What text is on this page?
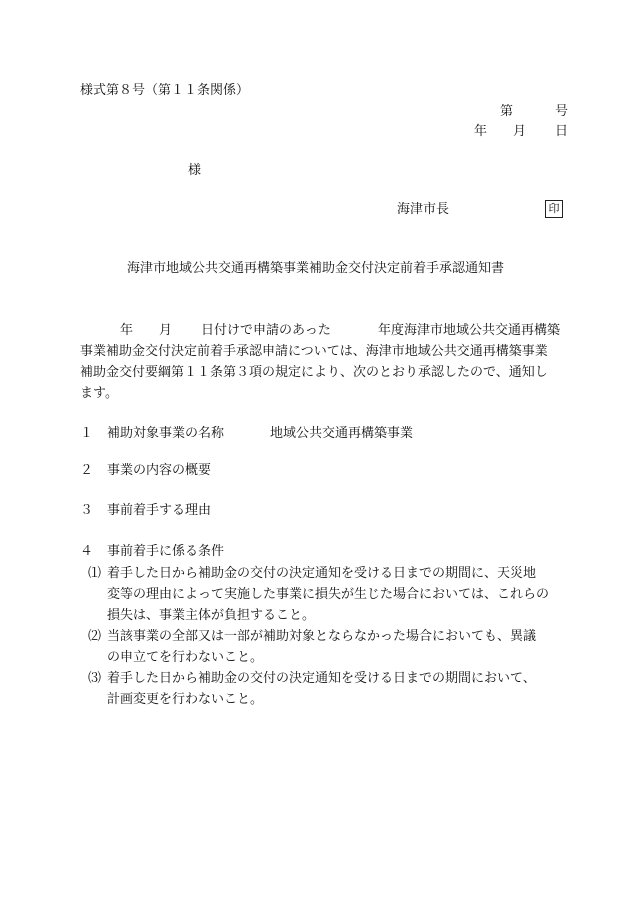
様式第８号（第１１条関係）
第	号
年 月 日
様
海津市長	印
海津市地域公共交通再構築事業補助金交付決定前着手承認通知書
年 月 日付けで申請のあった	年度海津市地域公共交通再構築
事業補助金交付決定前着手承認申請については、海津市地域公共交通再構築事業
補助金交付要綱第１１条第３項の規定により、次のとおり承認したので、通知し
ます。
１ 補助対象事業の名称	地域公共交通再構築事業
２ 事業の内容の概要
３ 事前着手する理由
４ 事前着手に係る条件
⑴ 着手した日から補助金の交付の決定通知を受ける日までの期間に、天災地
変等の理由によって実施した事業に損失が生じた場合においては、これらの
損失は、事業主体が負担すること。
⑵ 当該事業の全部又は一部が補助対象とならなかった場合においても、異議
の申立てを行わないこと。
⑶ 着手した日から補助金の交付の決定通知を受ける日までの期間において、
計画変更を行わないこと。
